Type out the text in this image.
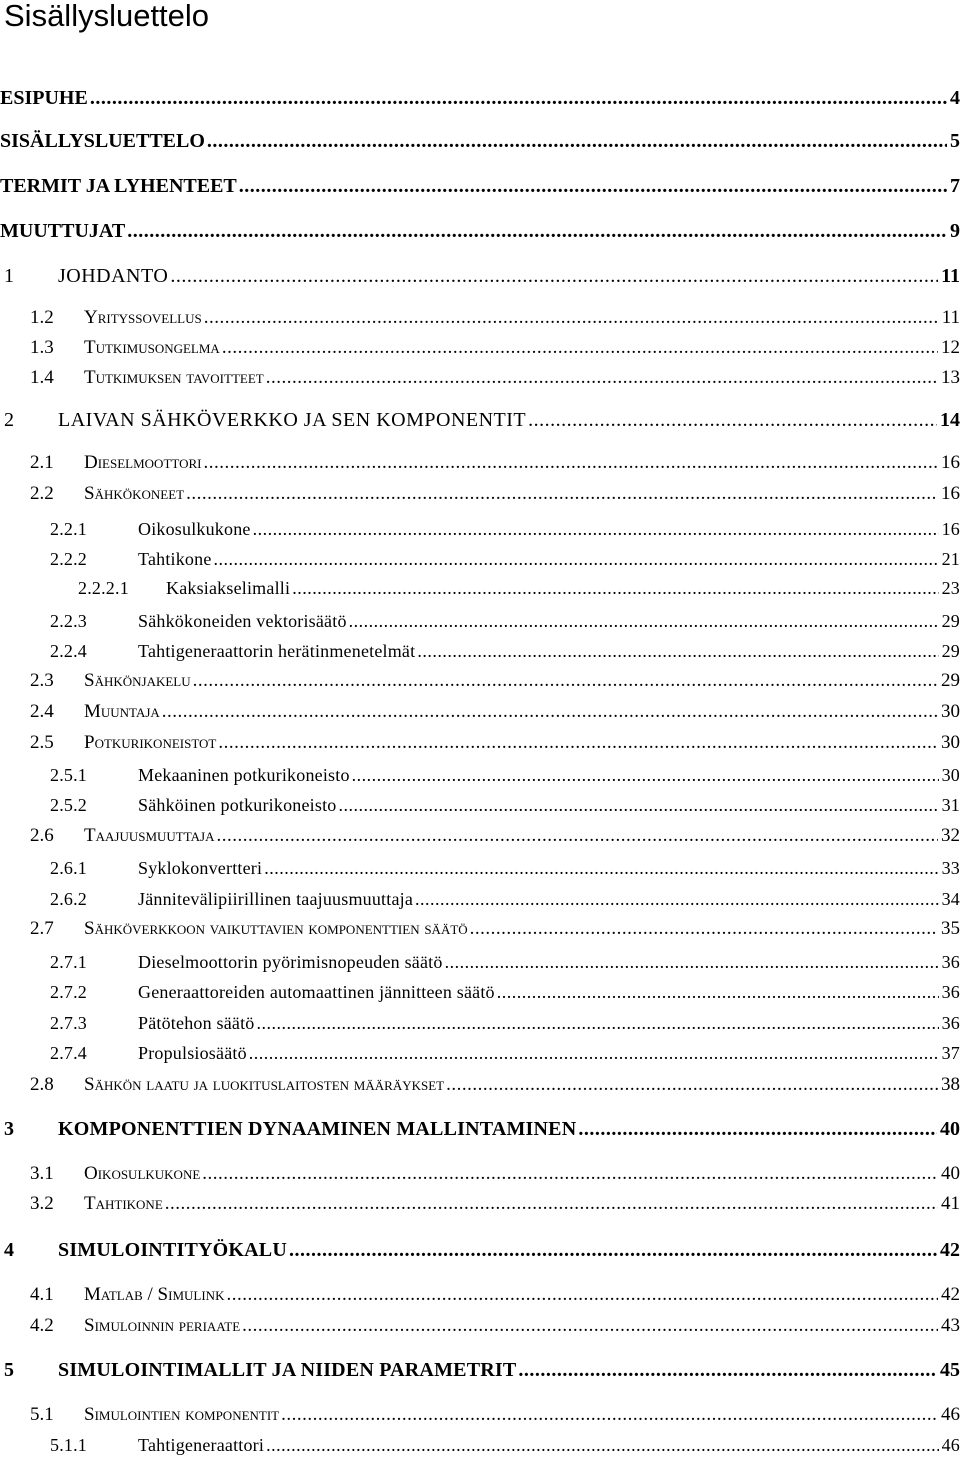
Sisällysluettelo
ESIPUHE .....	4
SISÄLLYSLUETTELO .....	5
TERMIT JA LYHENTEET .....	7
MUUTTUJAT .....	9
1 JOHDANTO .....	11
1.2 Yrityssovellus .....	11
1.3 Tutkimusongelma .....	12
1.4 Tutkimuksen tavoitteet .....	13
2 LAIVAN SÄHKÖVERKKO JA SEN KOMPONENTIT .....	14
2.1 Dieselmoottori .....	16
2.2 Sähkökoneet .....	16
2.2.1	Oikosulkukone .....	16
2.2.2	Tahtikone .....	21
2.2.2.1 Kaksiakselimalli .....	23
2.2.3	Sähkökoneiden vektorisäätö .....	29
2.2.4	Tahtigeneraattorin herätinmenetelmät .....	29
2.3 Sähkönjakelu .....	29
2.4 Muuntaja .....	30
2.5 Potkurikoneistot .....	30
2.5.1	Mekaaninen potkurikoneisto .....	30
2.5.2	Sähköinen potkurikoneisto .....	31
2.6 Taajuusmuuttaja .....	32
2.6.1	Syklokonvertteri .....	33
2.6.2	Jännitevälipiirillinen taajuusmuuttaja .....	34
2.7 Sähköverkkoon vaikuttavien komponenttien säätö .....	35
2.7.1	Dieselmoottorin pyörimisnopeuden säätö .....	36
2.7.2	Generaattoreiden automaattinen jännitteen säätö .....	36
2.7.3	Pätötehon säätö .....	36
2.7.4	Propulsiosäätö .....	37
2.8 Sähkön laatu ja luokituslaitosten määräykset .....	38
3 KOMPONENTTIEN DYNAAMINEN MALLINTAMINEN .....	40
3.1 Oikosulkukone .....	40
3.2 Tahtikone .....	41
4 SIMULOINTITYÖKALU .....	42
4.1 Matlab / Simulink .....	42
4.2 Simuloinnin periaate .....	43
5 SIMULOINTIMALLIT JA NIIDEN PARAMETRIT .....	45
5.1 Simulointien komponentit .....	46
5.1.1	Tahtigeneraattori .....	46
